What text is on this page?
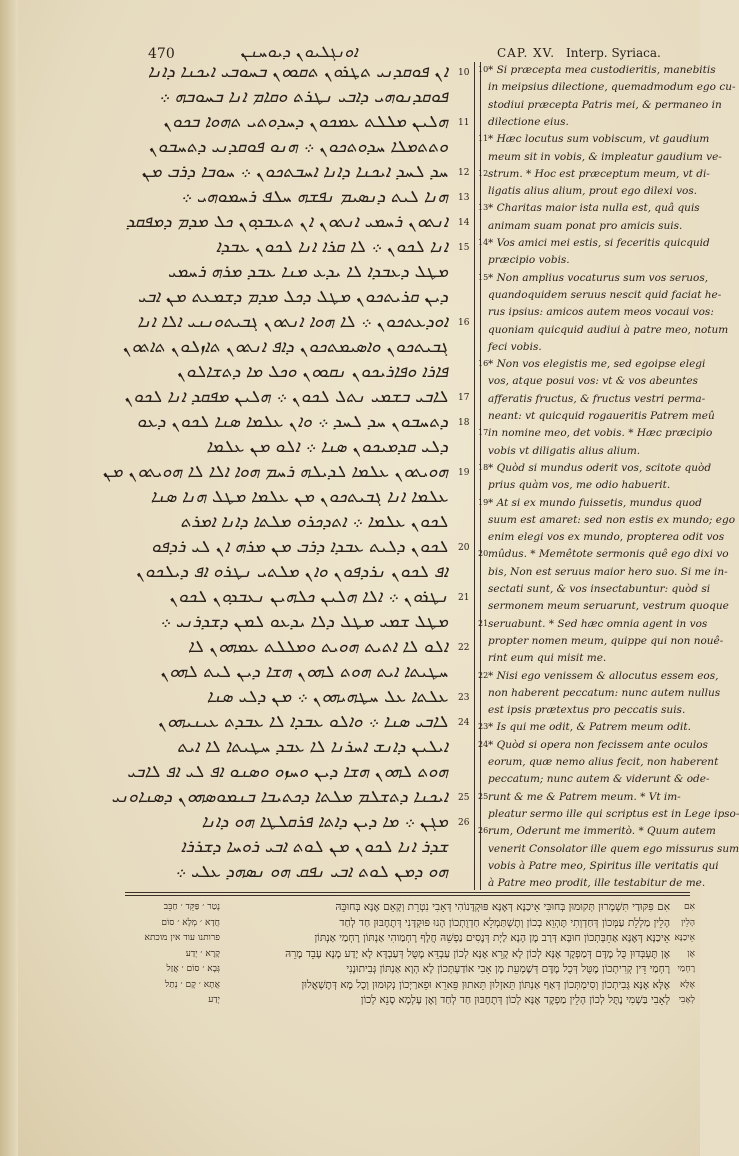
470	ܐܘܢܓܠܝܘܢ ܕܝܘܚܢܢ	CAP. XV. Interp. Syriaca.
ܐܢ ܦܘܩܕܢܝ ܬܛܪܘܢ ܬܩܘܘܢ ܒܚܘܒܝ ܐܝܟܢܐ ܕܐܢܐ
ܦܘܩܕܢܘܗܝ ܕܐܒܝ ܢܛܪܬ ܘܩܐܡ ܐܢܐ ܒܚܘܒܗ ܀
ܗܠܝܢ ܡܠܠܬ ܥܡܟܘܢ ܕܚܕܘܬܝ ܬܗܘܐ ܒܟܘܢ
ܘܬܬܡܠܐ ܚܕܘܬܟܘܢ ܀ ܗܢܘ ܦܘܩܕܢܝ ܕܬܚܒܘܢ
ܚܕ ܠܚܕ ܐܝܟܢܐ ܕܐܢܐ ܐܚܒܬܟܘܢ ܀ ܚܘܒܐ ܕܪܒ ܡܢ
ܗܢܐ ܠܝܬ ܕܢܣܝܡ ܢܦܫܗ ܚܠܦ ܪܚܡܘܗܝ ܀
ܐܢܬܘܢ ܪܚܡܝ ܐܢܬܘܢ ܐܢ ܬܥܒܕܘܢ ܟܠ ܡܕܡ ܕܡܦܩܕ
ܐܢܐ ܠܟܘܢ ܀ ܠܐ ܩܪܐ ܐܢܐ ܠܟܘܢ ܥܒܕܐ
ܡܛܠ ܕܥܒܕܐ ܠܐ ܝܕܥ ܡܢܐ ܥܒܕ ܡܪܗ ܪܚܡܝ
ܕܝܢ ܩܪܝܬܟܘܢ ܡܛܠ ܕܟܠ ܡܕܡ ܕܫܡܥܬ ܡܢ ܐܒܝ
ܐܘܕܥܬܟܘܢ ܀ ܠܐ ܗܘܐ ܐܢܬܘܢ ܓܒܝܬܘܢܢܝ ܐܠܐ ܐܢܐ
ܓܒܝܬܟܘܢ ܘܐܣܝܡܬܟܘܢ ܕܐܦ ܐܢܬܘܢ ܬܐܙܠܘܢ ܬܐܬܘܢ
ܦܐܪܐ ܘܦܐܪܝܟܘܢ ܢܩܘܘܢ ܘܟܠ ܡܐ ܕܬܫܐܠܘܢ
ܠܐܒܝ ܒܫܡܝ ܢܬܠ ܠܟܘܢ ܀ ܗܠܝܢ ܡܦܩܕ ܐܢܐ ܠܟܘܢ
ܕܬܚܒܘܢ ܚܕ ܠܚܕ ܀ ܘܐܢ ܥܠܡܐ ܣܢܐ ܠܟܘܢ ܕܥܘ
ܕܠܝ ܩܕܡܝܟܘܢ ܣܢܐ ܀ ܐܠܘ ܡܢ ܥܠܡܐ
ܗܘܝܬܘܢ ܥܠܡܐ ܠܕܝܠܗ ܪܚܡ ܗܘܐ ܐܠܐ ܠܐ ܗܘܝܬܘܢ ܡܢ
ܥܠܡܐ ܐܢܐ ܓܒܝܬܟܘܢ ܡܢ ܥܠܡܐ ܡܛܠ ܗܢܐ ܣܢܐ
ܠܟܘܢ ܥܠܡܐ ܀ ܐܬܕܟܪܘ ܡܠܬܐ ܕܐܢܐ ܐܡܪܬ
ܠܟܘܢ ܕܠܝܬ ܥܒܕܐ ܕܪܒ ܡܢ ܡܪܗ ܐܢ ܠܝ ܪܕܦܘ
ܐܦ ܠܟܘܢ ܢܪܕܦܘܢ ܘܐܢ ܡܠܬܝ ܢܛܪܘ ܐܦ ܕܝܠܟܘܢ
ܢܛܪܘܢ ܀ ܐܠܐ ܗܠܝܢ ܟܠܗܝܢ ܢܥܒܕܘܢ ܠܟܘܢ
ܡܛܠ ܫܡܝ ܡܛܠ ܕܠܐ ܝܕܥܘ ܠܡܢ ܕܫܕܪܢܝ ܀
ܐܠܘ ܠܐ ܐܬܝܬ ܗܘܝܬ ܘܡܠܠܬ ܥܡܗܘܢ ܠܐ
ܚܛܝܬܐ ܐܝܬ ܗܘܬ ܠܗܘܢ ܗܫܐ ܕܝܢ ܠܝܬ ܠܗܘܢ
ܥܠܬܐ ܥܠ ܚܛܗܝܗܘܢ ܀ ܡܢ ܕܠܝ ܣܢܐ
ܠܐܒܝ ܣܢܐ ܀ ܘܐܠܘ ܥܒܕܐ ܠܐ ܥܒܕܬ ܥܝܢܝܗܘܢ
ܐܝܠܝܢ ܕܐܢܫ ܐܚܪܢܐ ܠܐ ܥܒܕ ܚܛܝܬܐ ܠܐ ܐܝܬ
ܗܘܬ ܠܗܘܢ ܗܫܐ ܕܝܢ ܘܚܙܘ ܘܣܢܘ ܐܦ ܠܝ ܐܦ ܠܐܒܝ
ܐܝܟܢܐ ܕܬܫܠܡ ܡܠܬܐ ܕܟܬܝܒܐ ܒܢܡܘܣܗܘܢ ܕܣܢܐܘܢܝ
ܡܓܢ ܀ ܡܐ ܕܝܢ ܕܐܬܐ ܦܪܩܠܛܐ ܗܘ ܕܐܢܐ
ܫܕܪ ܐܢܐ ܠܟܘܢ ܡܢ ܠܘܬ ܐܒܝ ܪܘܚܐ ܕܫܪܪܐ
ܗܘ ܕܡܢ ܠܘܬ ܐܒܝ ܢܦܩ ܗܘ ܢܣܗܕ ܥܠܝ ܀
10
11
12
13
14
15
16
17
18
19
20
21
22
23
24
25
26
* Si præcepta mea custodieritis, manebitis
in meipsius dilectione, quemadmodum ego cu-
stodiui præcepta Patris mei, & permaneo in
dilectione eius.
* Hæc locutus sum vobiscum, vt gaudium
meum sit in vobis, & impleatur gaudium ve-
strum. * Hoc est præceptum meum, vt di-
ligatis alius alium, prout ego dilexi vos.
* Charitas maior ista nulla est, quâ quis
animam suam ponat pro amicis suis.
* Vos amici mei estis, si feceritis quicquid
præcipio vobis.
* Non amplius vocaturus sum vos seruos,
quandoquidem seruus nescit quid faciat he-
rus ipsius: amicos autem meos vocaui vos:
quoniam quicquid audiui à patre meo, notum
feci vobis.
* Non vos elegistis me, sed egoipse elegi
vos, atque posui vos: vt & vos abeuntes
afferatis fructus, & fructus vestri perma-
neant: vt quicquid rogaueritis Patrem meû
in nomine meo, det vobis. * Hæc præcipio
vobis vt diligatis alius alium.
* Quòd si mundus oderit vos, scitote quòd
prius quàm vos, me odio habuerit.
* At si ex mundo fuissetis, mundus quod
suum est amaret: sed non estis ex mundo; ego
enim elegi vos ex mundo, propterea odit vos
mûdus. * Memêtote sermonis quê ego dixi vo
bis, Non est seruus maior hero suo. Si me in-
sectati sunt, & vos insectabuntur: quòd si
sermonem meum seruarunt, vestrum quoque
seruabunt. * Sed hæc omnia agent in vos
propter nomen meum, quippe qui non nouê-
rint eum qui misit me.
* Nisi ego venissem & allocutus essem eos,
non haberent peccatum: nunc autem nullus
est ipsis prætextus pro peccatis suis.
* Is qui me odit, & Patrem meum odit.
* Quòd si opera non fecissem ante oculos
eorum, quæ nemo alius fecit, non haberent
peccatum; nunc autem & viderunt & ode-
runt & me & Patrem meum. * Vt im-
pleatur sermo ille qui scriptus est in Lege ipso-
rum, Oderunt me immeritò. * Quum autem
venerit Consolator ille quem ego missurus sum
vobis à Patre meo, Spiritus ille veritatis qui
à Patre meo prodit, ille testabitur de me.
10
11
12
13
14
15
16
17
18
19
20
21
22
23
24
25
26
נֶטַר ׳ פַּקֵּד ׳ חַבֵּב
חֲדָא ׳ מְלָא ׳ סוֹם
פרותנו עוד אין מוכתא
קָרָא ׳ יְדַע
גְּבָא ׳ סוֹם ׳ אֲזַל
אֲתָא ׳ קָם ׳ נְתַל
יְדַע
אִם פִּקּוּדַי תִּשְׁמְרוּן תְּקוּמוּן בְּחוּבִּי אֵיכַנָּא דְּאֶנָּא פּוּקְדָּנוֹהִי דְּאָבִי נִטְרֵת וְקָאֵם אֶנָּא בְּחוּבֵּהּ
הָלֵין מַלְלֵת עַמְּכוֹן דְּחַדְוְתִי תֶּהְוֵא בְכוֹן וְתֶשְׁתַּמְלֵא חַדְוֻתְכוֹן הָנוּ פּוּקְדָּנִי דְּתֶחֶבּוּן חַד לְחַד
אֵיכַנָּא דְּאֶנָּא אַחֵבְּתְכוֹן חוּבָּא דְּרַב מֶן הָנָא לַיְת דְּנֶסִים נַפְשֵׁהּ חֲלָף רָחְמַוהִי אַנְתּוֹן רָחְמַי אַנְתּוֹן
אֶן תֶּעְבְּדוּן כֻּל מֶדֶּם דְּמַפְקֶד אֶנָּא לְכוֹן לָא קָרֵא אֶנָּא לְכוֹן עַבְדֵּא מֶטֻּל דְּעַבְדָּא לָא יָדַע מָנָא עָבֵד מָרֵהּ
רָחְמַי דֵּין קְרִיתְכוֹן מֶטֻּל דְּכֻל מֶדֶּם דְּשֶׁמְעֵת מֶן אָבִי אוֹדַעְתְּכוֹן לָא הְוָא אַנְתּוֹן גְּבִיתוּנָנִי
אֶלָּא אֶנָּא גְּבִיתְכוֹן וְסִימְתְּכוֹן דְּאַף אַנְתּוֹן תֵּאזְלוּן תֵּאתוּן פֵּארֵא וּפֵארַיְכוֹן נְקוּמוּן וְכֻל מָא דְּתֶשְׁאֲלוּן
לְאָבִי בַּשְׁמִי נֶתֶּל לְכוֹן הָלֵין מַפְקֶד אֶנָּא לְכוֹן דְּתֶחֶבּוּן חַד לְחַד וְאֶן עָלְמָא סָנֵא לְכוֹן
אִם
הָלֵין
אֵיכַנָּא
אֶן
רָחְמַי
אֶלָּא
לְאָבִי
